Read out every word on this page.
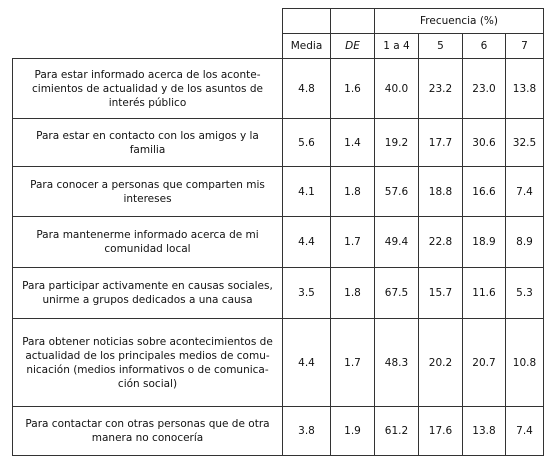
			Frecuencia (%)			
	Media	DE	1 a 4	5	6	7

Para estar informado acerca de los aconte-
cimientos de actualidad y de los asuntos de
interés público	4.8	1.6	40.0	23.2	23.0	13.8

Para estar en contacto con los amigos y la
familia	5.6	1.4	19.2	17.7	30.6	32.5

Para conocer a personas que comparten mis
intereses	4.1	1.8	57.6	18.8	16.6	7.4

Para mantenerme informado acerca de mi
comunidad local	4.4	1.7	49.4	22.8	18.9	8.9

Para participar activamente en causas sociales,
unirme a grupos dedicados a una causa	3.5	1.8	67.5	15.7	11.6	5.3

Para obtener noticias sobre acontecimientos de
actualidad de los principales medios de comu-
nicación (medios informativos o de comunica-
ción social)	4.4	1.7	48.3	20.2	20.7	10.8

Para contactar con otras personas que de otra
manera no conocería	3.8	1.9	61.2	17.6	13.8	7.4
